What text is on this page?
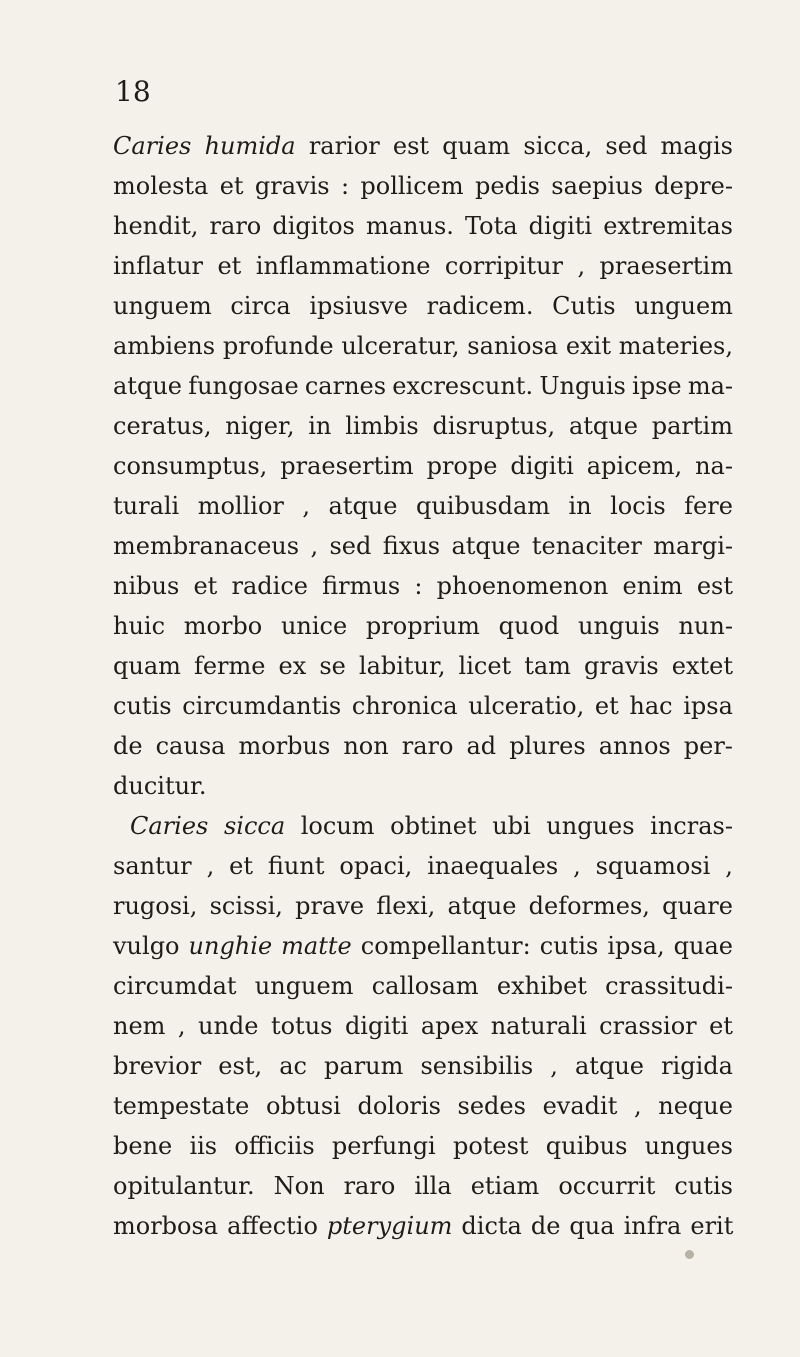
18
Caries humida rarior est quam sicca, sed magis
molesta et gravis : pollicem pedis saepius depre-
hendit, raro digitos manus. Tota digiti extremitas
inflatur et inflammatione corripitur , praesertim
unguem circa ipsiusve radicem. Cutis unguem
ambiens profunde ulceratur, saniosa exit materies,
atque fungosae carnes excrescunt. Unguis ipse ma-
ceratus, niger, in limbis disruptus, atque partim
consumptus, praesertim prope digiti apicem, na-
turali mollior , atque quibusdam in locis fere
membranaceus , sed fixus atque tenaciter margi-
nibus et radice firmus : phoenomenon enim est
huic morbo unice proprium quod unguis nun-
quam ferme ex se labitur, licet tam gravis extet
cutis circumdantis chronica ulceratio, et hac ipsa
de causa morbus non raro ad plures annos per-
ducitur.
Caries sicca locum obtinet ubi ungues incras-
santur , et fiunt opaci, inaequales , squamosi ,
rugosi, scissi, prave flexi, atque deformes, quare
vulgo unghie matte compellantur: cutis ipsa, quae
circumdat unguem callosam exhibet crassitudi-
nem , unde totus digiti apex naturali crassior et
brevior est, ac parum sensibilis , atque rigida
tempestate obtusi doloris sedes evadit , neque
bene iis officiis perfungi potest quibus ungues
opitulantur. Non raro illa etiam occurrit cutis
morbosa affectio pterygium dicta de qua infra erit
